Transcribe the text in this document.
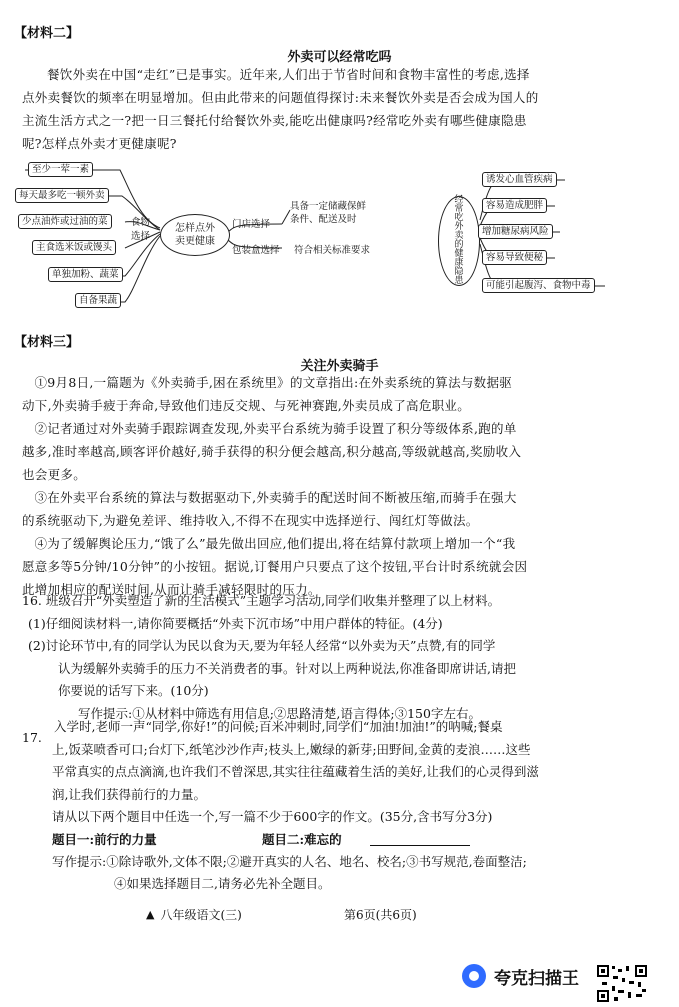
【材料二】
外卖可以经常吃吗
餐饮外卖在中国“走红”已是事实。近年来,人们出于节省时间和食物丰富性的考虑,选择
点外卖餐饮的频率在明显增加。但由此带来的问题值得探讨:未来餐饮外卖是否会成为国人的
主流生活方式之一?把一日三餐托付给餐饮外卖,能吃出健康吗?经常吃外卖有哪些健康隐患
呢?怎样点外卖才更健康呢?
至少一荤一素
每天最多吃一顿外卖
少点油炸或过油的菜
主食选米饭或馒头
单独加粉、蔬菜
自备果蔬
食物
选择
怎样点外
卖更健康
门店选择
具备一定储藏保鲜
条件、配送及时
包装盒选择 符合相关标准要求
经
常
吃
外
卖
的
健
康
隐
患
诱发心血管疾病
容易造成肥胖
增加糖尿病风险
容易导致便秘
可能引起腹泻、食物中毒
【材料三】
关注外卖骑手
①9月8日,一篇题为《外卖骑手,困在系统里》的文章指出:在外卖系统的算法与数据驱
动下,外卖骑手疲于奔命,导致他们违反交规、与死神赛跑,外卖员成了高危职业。
②记者通过对外卖骑手跟踪调查发现,外卖平台系统为骑手设置了积分等级体系,跑的单
越多,准时率越高,顾客评价越好,骑手获得的积分便会越高,积分越高,等级就越高,奖励收入
也会更多。
③在外卖平台系统的算法与数据驱动下,外卖骑手的配送时间不断被压缩,而骑手在强大
的系统驱动下,为避免差评、维持收入,不得不在现实中选择逆行、闯红灯等做法。
④为了缓解舆论压力,“饿了么”最先做出回应,他们提出,将在结算付款项上增加一个“我
愿意多等5分钟/10分钟”的小按钮。据说,订餐用户只要点了这个按钮,平台计时系统就会因
此增加相应的配送时间,从而让骑手减轻限时的压力。
16. 班级召开“外卖塑造了新的生活模式”主题学习活动,同学们收集并整理了以上材料。
(1)仔细阅读材料一,请你简要概括“外卖下沉市场”中用户群体的特征。(4分)
(2)讨论环节中,有的同学认为民以食为天,要为年轻人经常“以外卖为天”点赞,有的同学
认为缓解外卖骑手的压力不关消费者的事。针对以上两种说法,你准备即席讲话,请把
你要说的话写下来。(10分)
写作提示:①从材料中筛选有用信息;②思路清楚,语言得体;③150字左右。
17.
入学时,老师一声“同学,你好!”的问候;百米冲刺时,同学们“加油!加油!”的呐喊;餐桌
上,饭菜喷香可口;台灯下,纸笔沙沙作声;枝头上,嫩绿的新芽;田野间,金黄的麦浪……这些
平常真实的点点滴滴,也许我们不曾深思,其实往往蕴藏着生活的美好,让我们的心灵得到滋
润,让我们获得前行的力量。
请从以下两个题目中任选一个,写一篇不少于600字的作文。(35分,含书写分3分)
题目一:前行的力量	题目二:难忘的
写作提示:①除诗歌外,文体不限;②避开真实的人名、地名、校名;③书写规范,卷面整洁;
④如果选择题目二,请务必先补全题目。
▲ 八年级语文(三)	第6页(共6页)
夸克扫描王
